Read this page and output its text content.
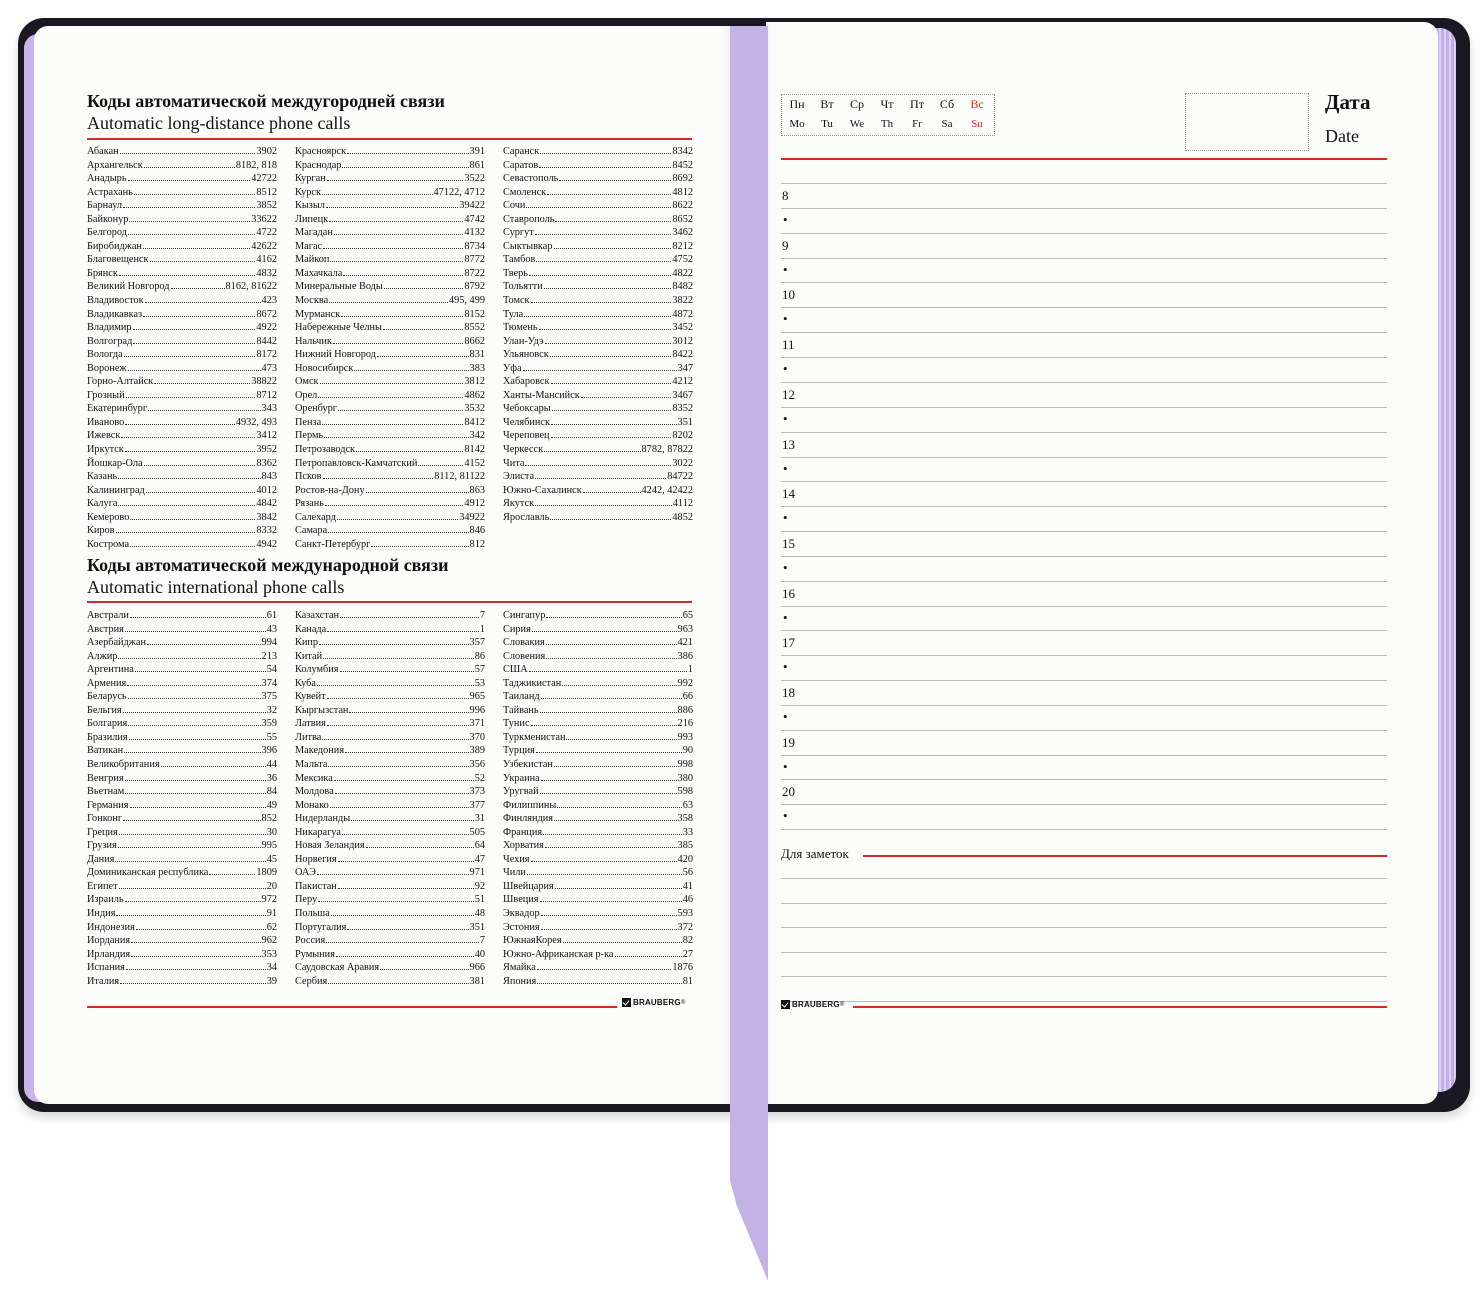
Коды автоматической междугородней связи
Automatic long-distance phone calls
Абакан	3902
Архангельск	8182, 818
Анадырь	42722
Астрахань	8512
Барнаул	3852
Байконур	33622
Белгород	4722
Биробиджан	42622
Благовещенск	4162
Брянск	4832
Великий Новгород	8162, 81622
Владивосток	423
Владикавказ	8672
Владимир	4922
Волгоград	8442
Вологда	8172
Воронеж	473
Горно-Алтайск	38822
Грозный	8712
Екатеринбург	343
Иваново	4932, 493
Ижевск	3412
Иркутск	3952
Йошкар-Ола	8362
Казань	843
Калининград	4012
Калуга	4842
Кемерово	3842
Киров	8332
Кострома	4942
Красноярск	391
Краснодар	861
Курган	3522
Курск	47122, 4712
Кызыл	39422
Липецк	4742
Магадан	4132
Магас	8734
Майкоп	8772
Махачкала	8722
Минеральные Воды	8792
Москва	495, 499
Мурманск	8152
Набережные Челны	8552
Нальчик	8662
Нижний Новгород	831
Новосибирск	383
Омск	3812
Орел	4862
Оренбург	3532
Пенза	8412
Пермь	342
Петрозаводск	8142
Петропавловск-Камчатский	4152
Псков	8112, 81122
Ростов-на-Дону	863
Рязань	4912
Салехард	34922
Самара	846
Санкт-Петербург	812
Саранск	8342
Саратов	8452
Севастополь	8692
Смоленск	4812
Сочи	8622
Ставрополь	8652
Сургут	3462
Сыктывкар	8212
Тамбов	4752
Тверь	4822
Тольятти	8482
Томск	3822
Тула	4872
Тюмень	3452
Улан-Удэ	3012
Ульяновск	8422
Уфа	347
Хабаровск	4212
Ханты-Мансийск	3467
Чебоксары	8352
Челябинск	351
Череповец	8202
Черкесск	8782, 87822
Чита	3022
Элиста	84722
Южно-Сахалинск	4242, 42422
Якутск	4112
Ярославль	4852
Коды автоматической международной связи
Automatic international phone calls
Австрали	61
Австрия	43
Азербайджан	994
Алжир	213
Аргентина	54
Армения	374
Беларусь	375
Бельгия	32
Болгария	359
Бразилия	55
Ватикан	396
Великобритания	44
Венгрия	36
Вьетнам	84
Германия	49
Гонконг	852
Греция	30
Грузия	995
Дания	45
Доминиканская республика	1809
Египет	20
Израиль	972
Индия	91
Индонезия	62
Иордания	962
Ирландия	353
Испания	34
Италия	39
Казахстан	7
Канада	1
Кипр	357
Китай	86
Колумбия	57
Куба	53
Кувейт	965
Кыргызстан	996
Латвия	371
Литва	370
Македония	389
Мальта	356
Мексика	52
Молдова	373
Монако	377
Нидерланды	31
Никарагуа	505
Новая Зеландия	64
Норвегия	47
ОАЭ	971
Пакистан	92
Перу	51
Польша	48
Португалия	351
Россия	7
Румыния	40
Саудовская Аравия	966
Сербия	381
Сингапур	65
Сирия	963
Словакия	421
Словения	386
США	1
Таджикистан	992
Таиланд	66
Тайвань	886
Тунис	216
Туркменистан	993
Турция	90
Узбекистан	998
Украина	380
Уругвай	598
Филиппины	63
Финляндия	358
Франция	33
Хорватия	385
Чехия	420
Чили	56
Швейцария	41
Швеция	46
Эквадор	593
Эстония	372
ЮжнаяКорея	82
Южно-Африканская р-ка	27
Ямайка	1876
Япония	81
BRAUBERG ®
Пн	Вт	Ср	Чт	Пт	Сб	Вс
Mo	Tu	We	Th	Fr	Sa	Su
Дата
Date
8
•
9
•
10
•
11
•
12
•
13
•
14
•
15
•
16
•
17
•
18
•
19
•
20
•
Для заметок
BRAUBERG ®
